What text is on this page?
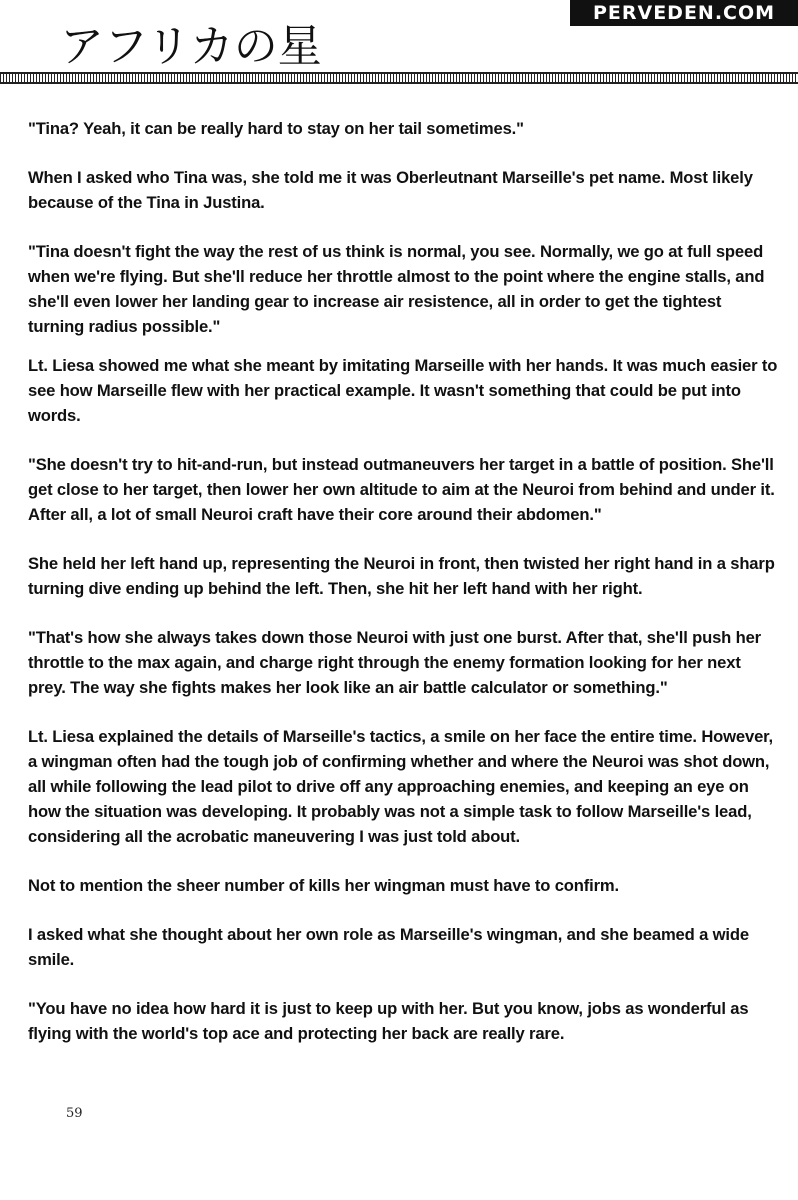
PERVEDEN.COM
アフリカの星

"Tina? Yeah, it can be really hard to stay on her tail sometimes."

When I asked who Tina was, she told me it was Oberleutnant Marseille's pet name. Most likely because of the Tina in Justina.

"Tina doesn't fight the way the rest of us think is normal, you see. Normally, we go at full speed when we're flying. But she'll reduce her throttle almost to the point where the engine stalls, and she'll even lower her landing gear to increase air resistence, all in order to get the tightest turning radius possible."

Lt. Liesa showed me what she meant by imitating Marseille with her hands. It was much easier to see how Marseille flew with her practical example. It wasn't something that could be put into words.

"She doesn't try to hit-and-run, but instead outmaneuvers her target in a battle of position. She'll get close to her target, then lower her own altitude to aim at the Neuroi from behind and under it. After all, a lot of small Neuroi craft have their core around their abdomen."

She held her left hand up, representing the Neuroi in front, then twisted her right hand in a sharp turning dive ending up behind the left. Then, she hit her left hand with her right.

"That's how she always takes down those Neuroi with just one burst. After that, she'll push her throttle to the max again, and charge right through the enemy formation looking for her next prey. The way she fights makes her look like an air battle calculator or something."

Lt. Liesa explained the details of Marseille's tactics, a smile on her face the entire time. However, a wingman often had the tough job of confirming whether and where the Neuroi was shot down, all while following the lead pilot to drive off any approaching enemies, and keeping an eye on how the situation was developing. It probably was not a simple task to follow Marseille's lead, considering all the acrobatic maneuvering I was just told about.

Not to mention the sheer number of kills her wingman must have to confirm.

I asked what she thought about her own role as Marseille's wingman, and she beamed a wide smile.

"You have no idea how hard it is just to keep up with her. But you know, jobs as wonderful as flying with the world's top ace and protecting her back are really rare.

59
